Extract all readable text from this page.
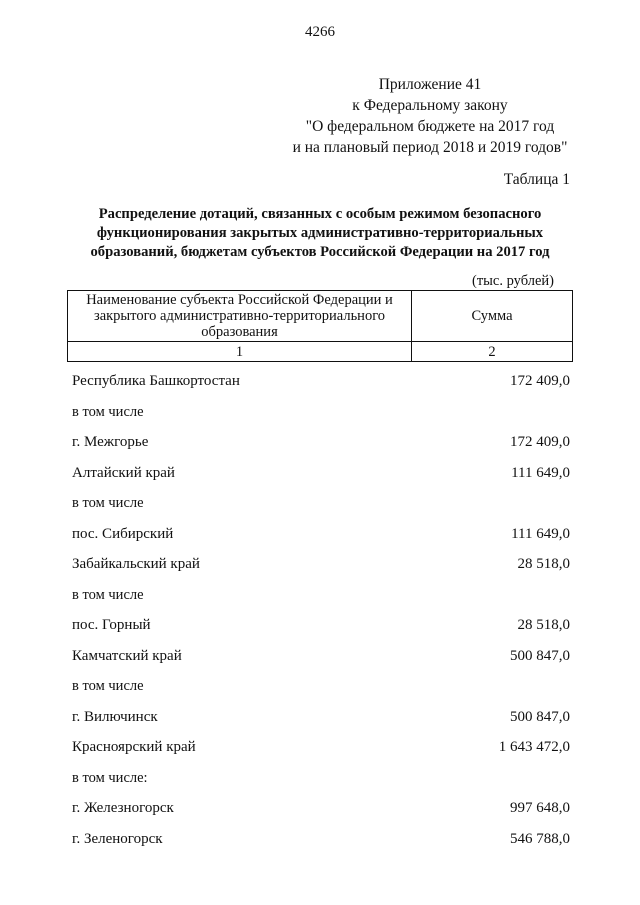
4266
Приложение 41
к Федеральному закону
"О федеральном бюджете на 2017 год
и на плановый период 2018 и 2019 годов"
Таблица 1
Распределение дотаций, связанных с особым режимом безопасного
функционирования закрытых административно-территориальных
образований, бюджетам субъектов Российской Федерации на 2017 год
(тыс. рублей)
Наименование субъекта Российской Федерации и
закрытого административно-территориального
образования	Сумма
1	2
Республика Башкортостан	172 409,0
в том числе
г. Межгорье	172 409,0
Алтайский край	111 649,0
в том числе
пос. Сибирский	111 649,0
Забайкальский край	28 518,0
в том числе
пос. Горный	28 518,0
Камчатский край	500 847,0
в том числе
г. Вилючинск	500 847,0
Красноярский край	1 643 472,0
в том числе:
г. Железногорск	997 648,0
г. Зеленогорск	546 788,0
